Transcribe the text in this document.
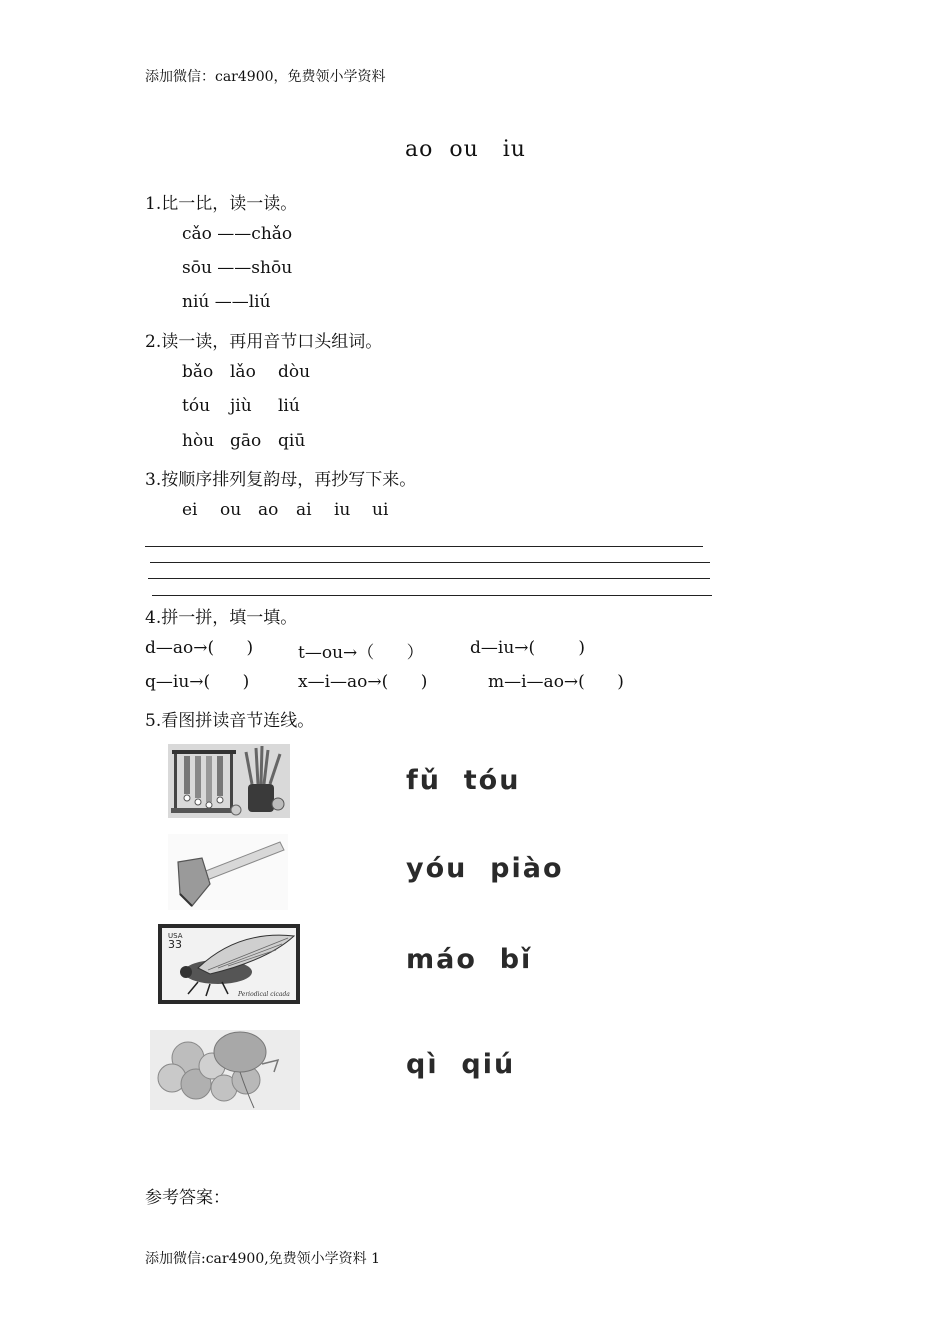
添加微信：car4900，免费领小学资料
ao  ou   iu
1.比一比，读一读。
cǎo ——chǎo
sōu ——shōu
niú ——liú
2.读一读，再用音节口头组词。
bǎo lǎo dòu
tóu jiù liú
hòu gāo qiū
3.按顺序排列复韵母，再抄写下来。
ei ou ao ai iu ui
4.拼一拼，填一填。
d—ao→(      )	t—ou→（      ）	d—iu→(        )
q—iu→(      )	x—i—ao→(      )	m—i—ao→(      )
5.看图拼读音节连线。
USA
33
Periodical cicada
fǔ  tóu
yóu  piào
máo  bǐ
qì  qiú
参考答案：
添加微信:car4900,免费领小学资料 1
